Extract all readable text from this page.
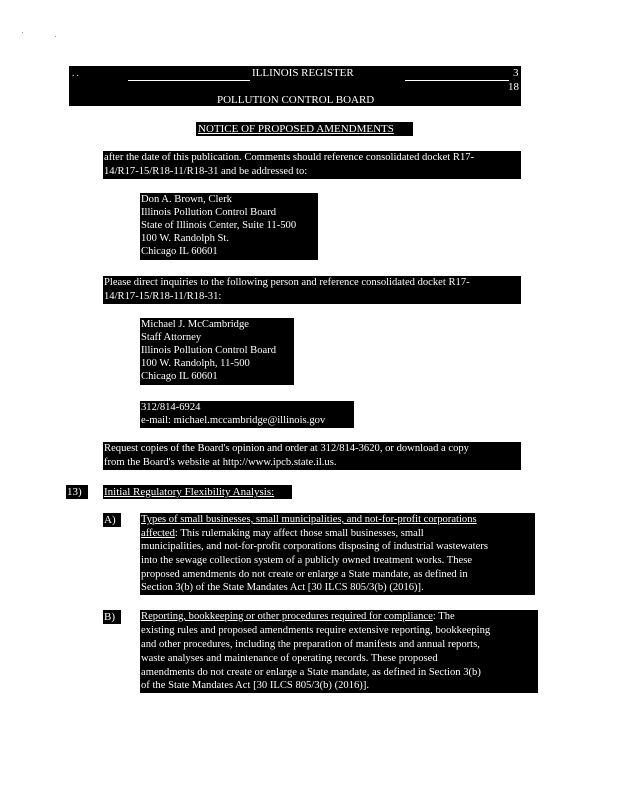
. .	ILLINOIS REGISTER	3
18
POLLUTION CONTROL BOARD
NOTICE OF PROPOSED AMENDMENTS
after the date of this publication. Comments should reference consolidated docket R17-
14/R17-15/R18-11/R18-31 and be addressed to:
Don A. Brown, Clerk
Illinois Pollution Control Board
State of Illinois Center, Suite 11-500
100 W. Randolph St.
Chicago IL 60601
Please direct inquiries to the following person and reference consolidated docket R17-
14/R17-15/R18-11/R18-31:
Michael J. McCambridge
Staff Attorney
Illinois Pollution Control Board
100 W. Randolph, 11-500
Chicago IL 60601
312/814-6924
e-mail: michael.mccambridge@illinois.gov
Request copies of the Board's opinion and order at 312/814-3620, or download a copy
from the Board's website at http://www.ipcb.state.il.us.
13)	Initial Regulatory Flexibility Analysis:
A)	Types of small businesses, small municipalities, and not-for-profit corporations
affected: This rulemaking may affect those small businesses, small
municipalities, and not-for-profit corporations disposing of industrial wastewaters
into the sewage collection system of a publicly owned treatment works. These
proposed amendments do not create or enlarge a State mandate, as defined in
Section 3(b) of the State Mandates Act [30 ILCS 805/3(b) (2016)].
B)	Reporting, bookkeeping or other procedures required for compliance: The
existing rules and proposed amendments require extensive reporting, bookkeeping
and other procedures, including the preparation of manifests and annual reports,
waste analyses and maintenance of operating records. These proposed
amendments do not create or enlarge a State mandate, as defined in Section 3(b)
of the State Mandates Act [30 ILCS 805/3(b) (2016)].
